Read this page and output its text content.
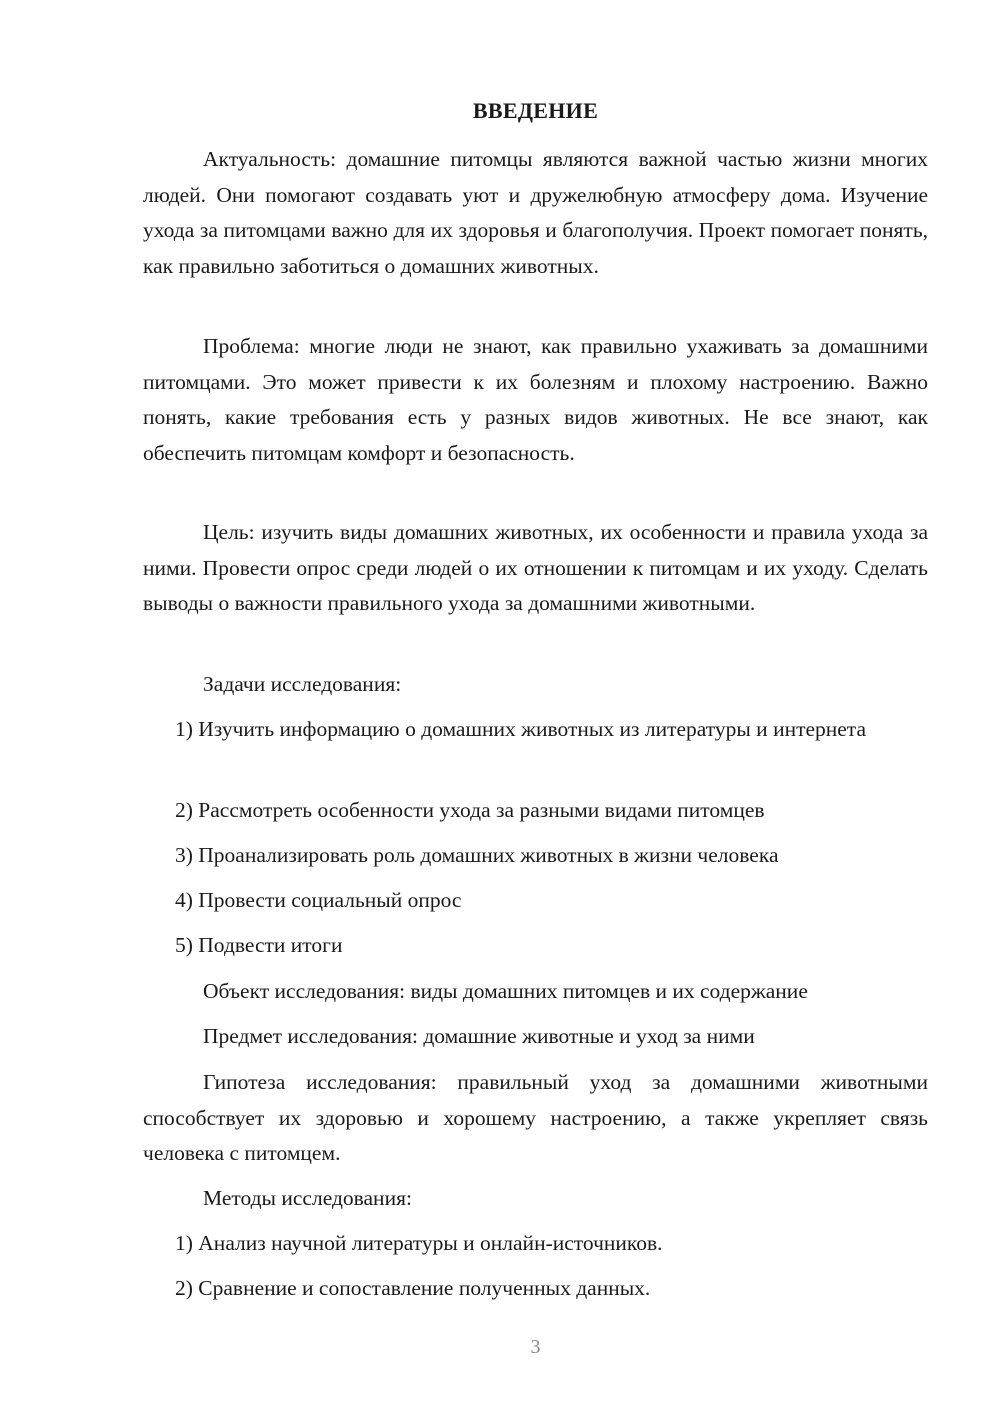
ВВЕДЕНИЕ

Актуальность: домашние питомцы являются важной частью жизни многих людей. Они помогают создавать уют и дружелюбную атмосферу дома. Изучение ухода за питомцами важно для их здоровья и благополучия. Проект помогает понять, как правильно заботиться о домашних животных.

Проблема: многие люди не знают, как правильно ухаживать за домашними питомцами. Это может привести к их болезням и плохому настроению. Важно понять, какие требования есть у разных видов животных. Не все знают, как обеспечить питомцам комфорт и безопасность.

Цель: изучить виды домашних животных, их особенности и правила ухода за ними. Провести опрос среди людей о их отношении к питомцам и их уходу. Сделать выводы о важности правильного ухода за домашними животными.

Задачи исследования:

1) Изучить информацию о домашних животных из литературы и интернета

2) Рассмотреть особенности ухода за разными видами питомцев

3) Проанализировать роль домашних животных в жизни человека

4) Провести социальный опрос

5) Подвести итоги

Объект исследования: виды домашних питомцев и их содержание

Предмет исследования: домашние животные и уход за ними

Гипотеза исследования: правильный уход за домашними животными способствует их здоровью и хорошему настроению, а также укрепляет связь человека с питомцем.

Методы исследования:

1) Анализ научной литературы и онлайн-источников.

2) Сравнение и сопоставление полученных данных.

3
